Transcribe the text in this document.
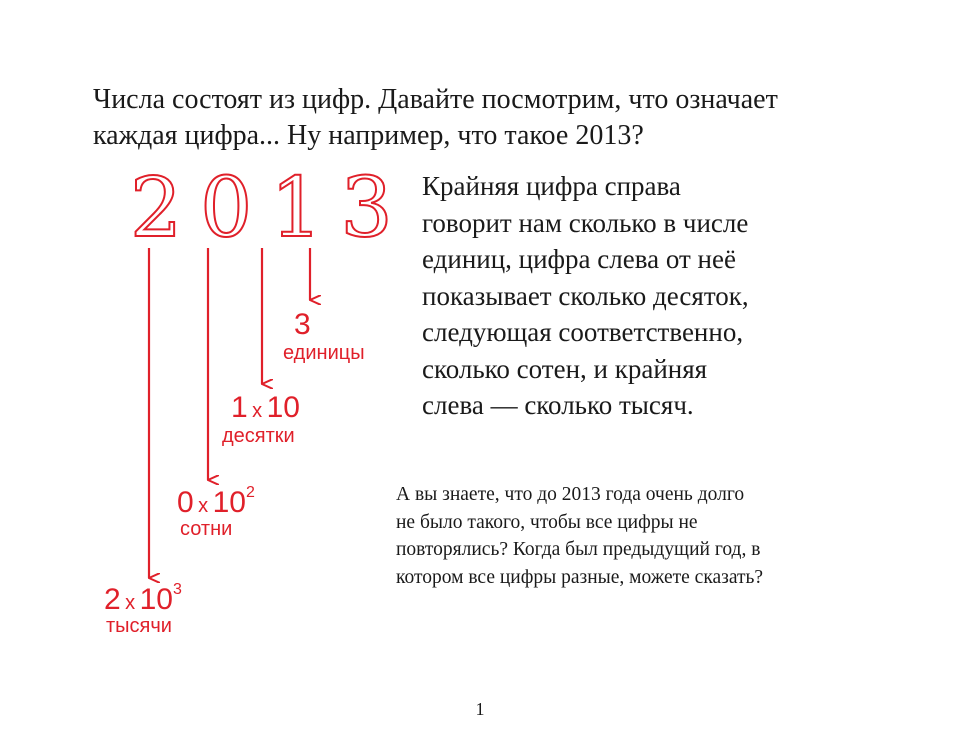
Числа состоят из цифр. Давайте посмотрим, что означает
каждая цифра... Ну например, что такое 2013?
2013
3
единицы
1 x 10
десятки
0 x 102
сотни
2 x 103
тысячи
Крайняя цифра справа
говорит нам сколько в числе
единиц, цифра слева от неё
показывает сколько десяток,
следующая соответственно,
сколько сотен, и крайняя
слева — сколько тысяч.
А вы знаете, что до 2013 года очень долго
не было такого, чтобы все цифры не
повторялись? Когда был предыдущий год, в
котором все цифры разные, можете сказать?
1
